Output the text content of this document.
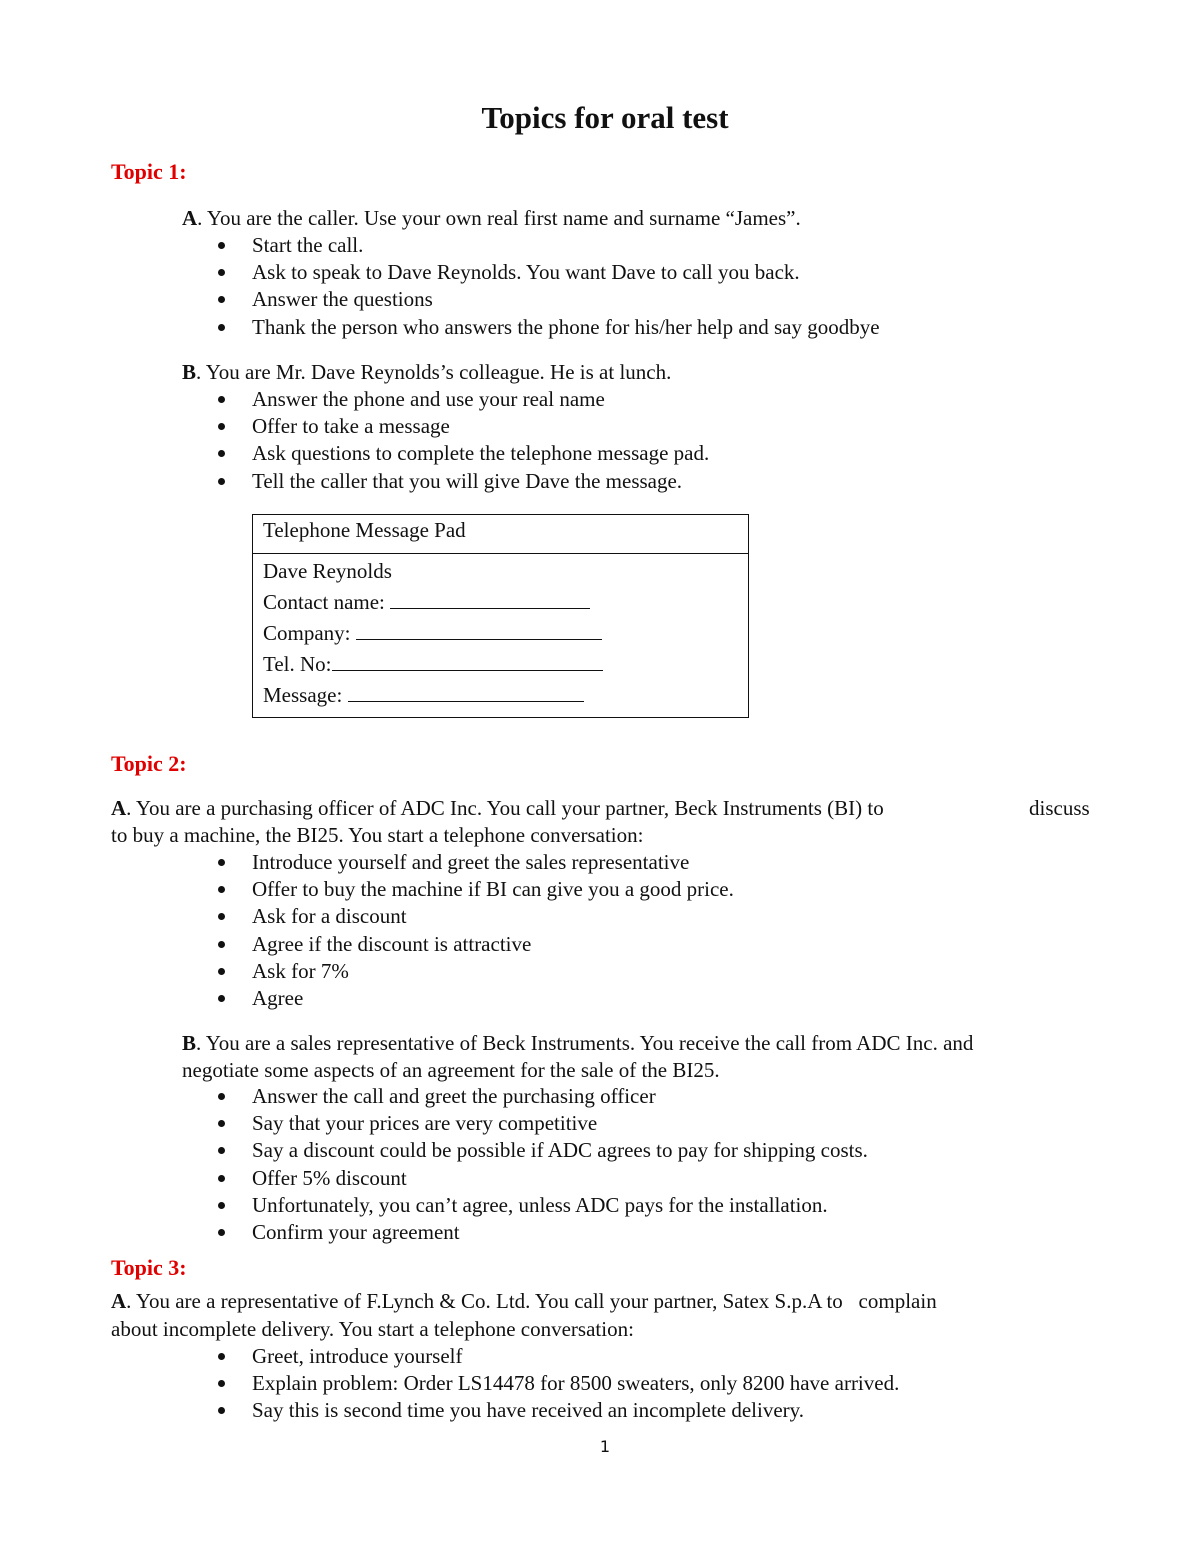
Topics for oral test
Topic 1:

A. You are the caller. Use your own real first name and surname “James”.

Start the call.
Ask to speak to Dave Reynolds. You want Dave to call you back.
Answer the questions
Thank the person who answers the phone for his/her help and say goodbye

B. You are Mr. Dave Reynolds’s colleague. He is at lunch.

Answer the phone and use your real name
Offer to take a message
Ask questions to complete the telephone message pad.
Tell the caller that you will give Dave the message.
Telephone Message Pad
Dave Reynolds
Contact name:
Company:
Tel. No:
Message:
Topic 2:

A. You are a purchasing officer of ADC Inc. You call your partner, Beck Instruments (BI) to	discuss

to buy a machine, the BI25. You start a telephone conversation:

Introduce yourself and greet the sales representative
Offer to buy the machine if BI can give you a good price.
Ask for a discount
Agree if the discount is attractive
Ask for 7%
Agree

B. You are a sales representative of Beck Instruments. You receive the call from ADC Inc. and

negotiate some aspects of an agreement for the sale of the BI25.

Answer the call and greet the purchasing officer
Say that your prices are very competitive
Say a discount could be possible if ADC agrees to pay for shipping costs.
Offer 5% discount
Unfortunately, you can’t agree, unless ADC pays for the installation.
Confirm your agreement
Topic 3:

A. You are a representative of F.Lynch & Co. Ltd. You call your partner, Satex S.p.A to   complain

about incomplete delivery. You start a telephone conversation:

Greet, introduce yourself
Explain problem: Order LS14478 for 8500 sweaters, only 8200 have arrived.
Say this is second time you have received an incomplete delivery.
1
